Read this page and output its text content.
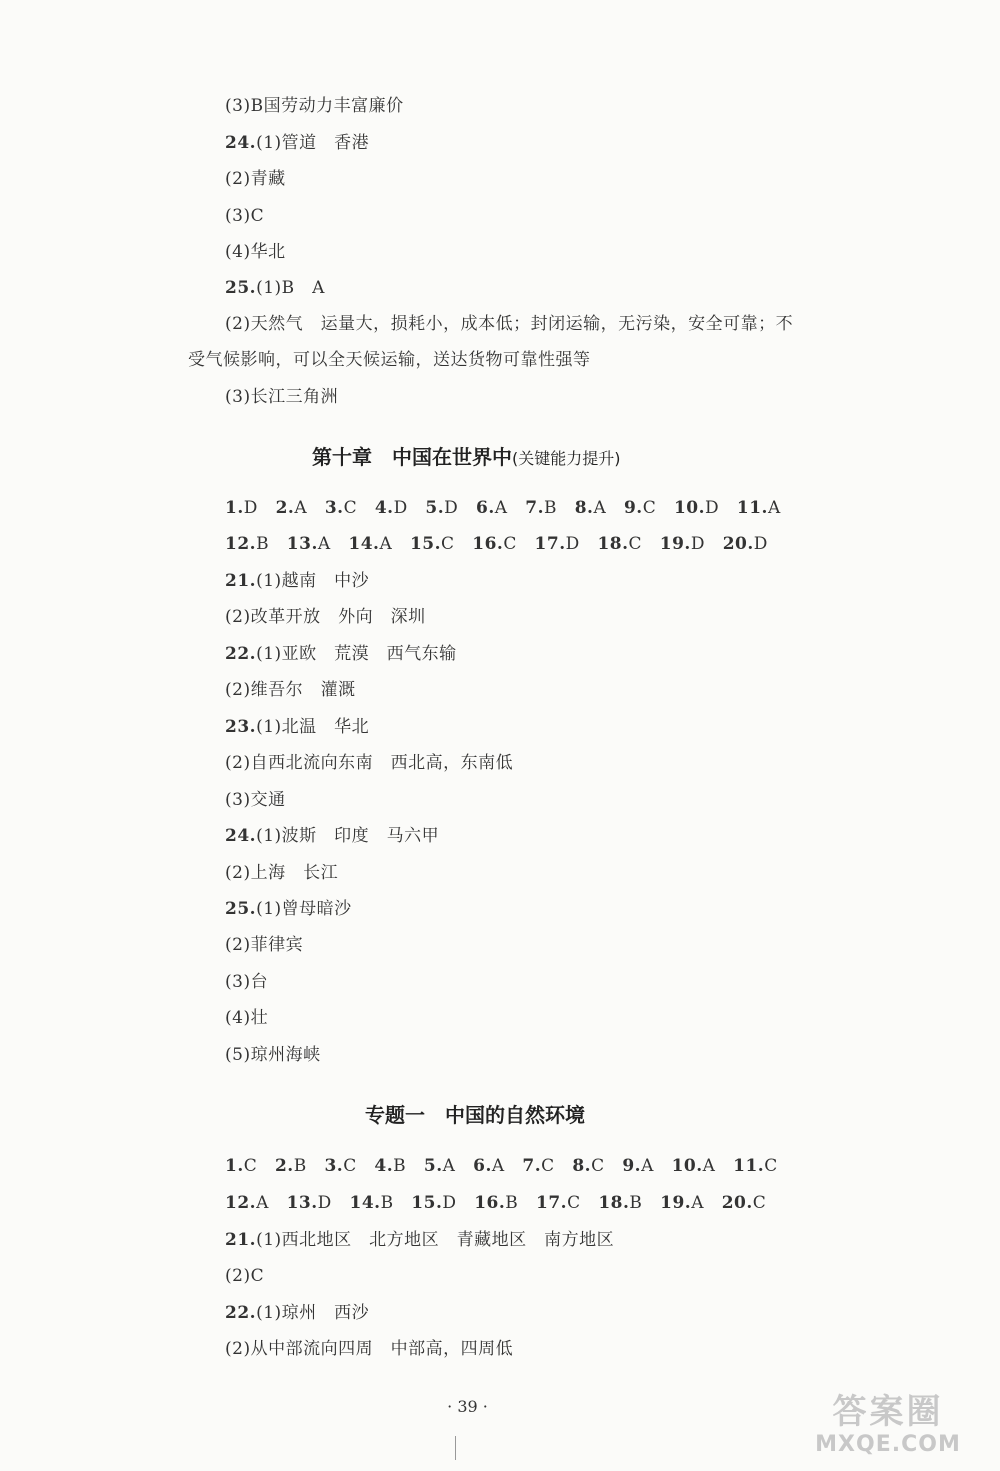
(3)B国劳动力丰富廉价
24.(1)管道　香港
(2)青藏
(3)C
(4)华北
25.(1)B　A
(2)天然气　运量大，损耗小，成本低；封闭运输，无污染，安全可靠；不
受气候影响，可以全天候运输，送达货物可靠性强等
(3)长江三角洲
第十章　中国在世界中(关键能力提升)
1.D   2.A   3.C   4.D   5.D   6.A   7.B   8.A   9.C   10.D   11.A
12.B   13.A   14.A   15.C   16.C   17.D   18.C   19.D   20.D
21.(1)越南　中沙
(2)改革开放　外向　深圳
22.(1)亚欧　荒漠　西气东输
(2)维吾尔　灌溉
23.(1)北温　华北
(2)自西北流向东南　西北高，东南低
(3)交通
24.(1)波斯　印度　马六甲
(2)上海　长江
25.(1)曾母暗沙
(2)菲律宾
(3)台
(4)壮
(5)琼州海峡
专题一　中国的自然环境
1.C   2.B   3.C   4.B   5.A   6.A   7.C   8.C   9.A   10.A   11.C
12.A   13.D   14.B   15.D   16.B   17.C   18.B   19.A   20.C
21.(1)西北地区　北方地区　青藏地区　南方地区
(2)C
22.(1)琼州　西沙
(2)从中部流向四周　中部高，四周低
· 39 ·	答案圈
MXQE.COM
